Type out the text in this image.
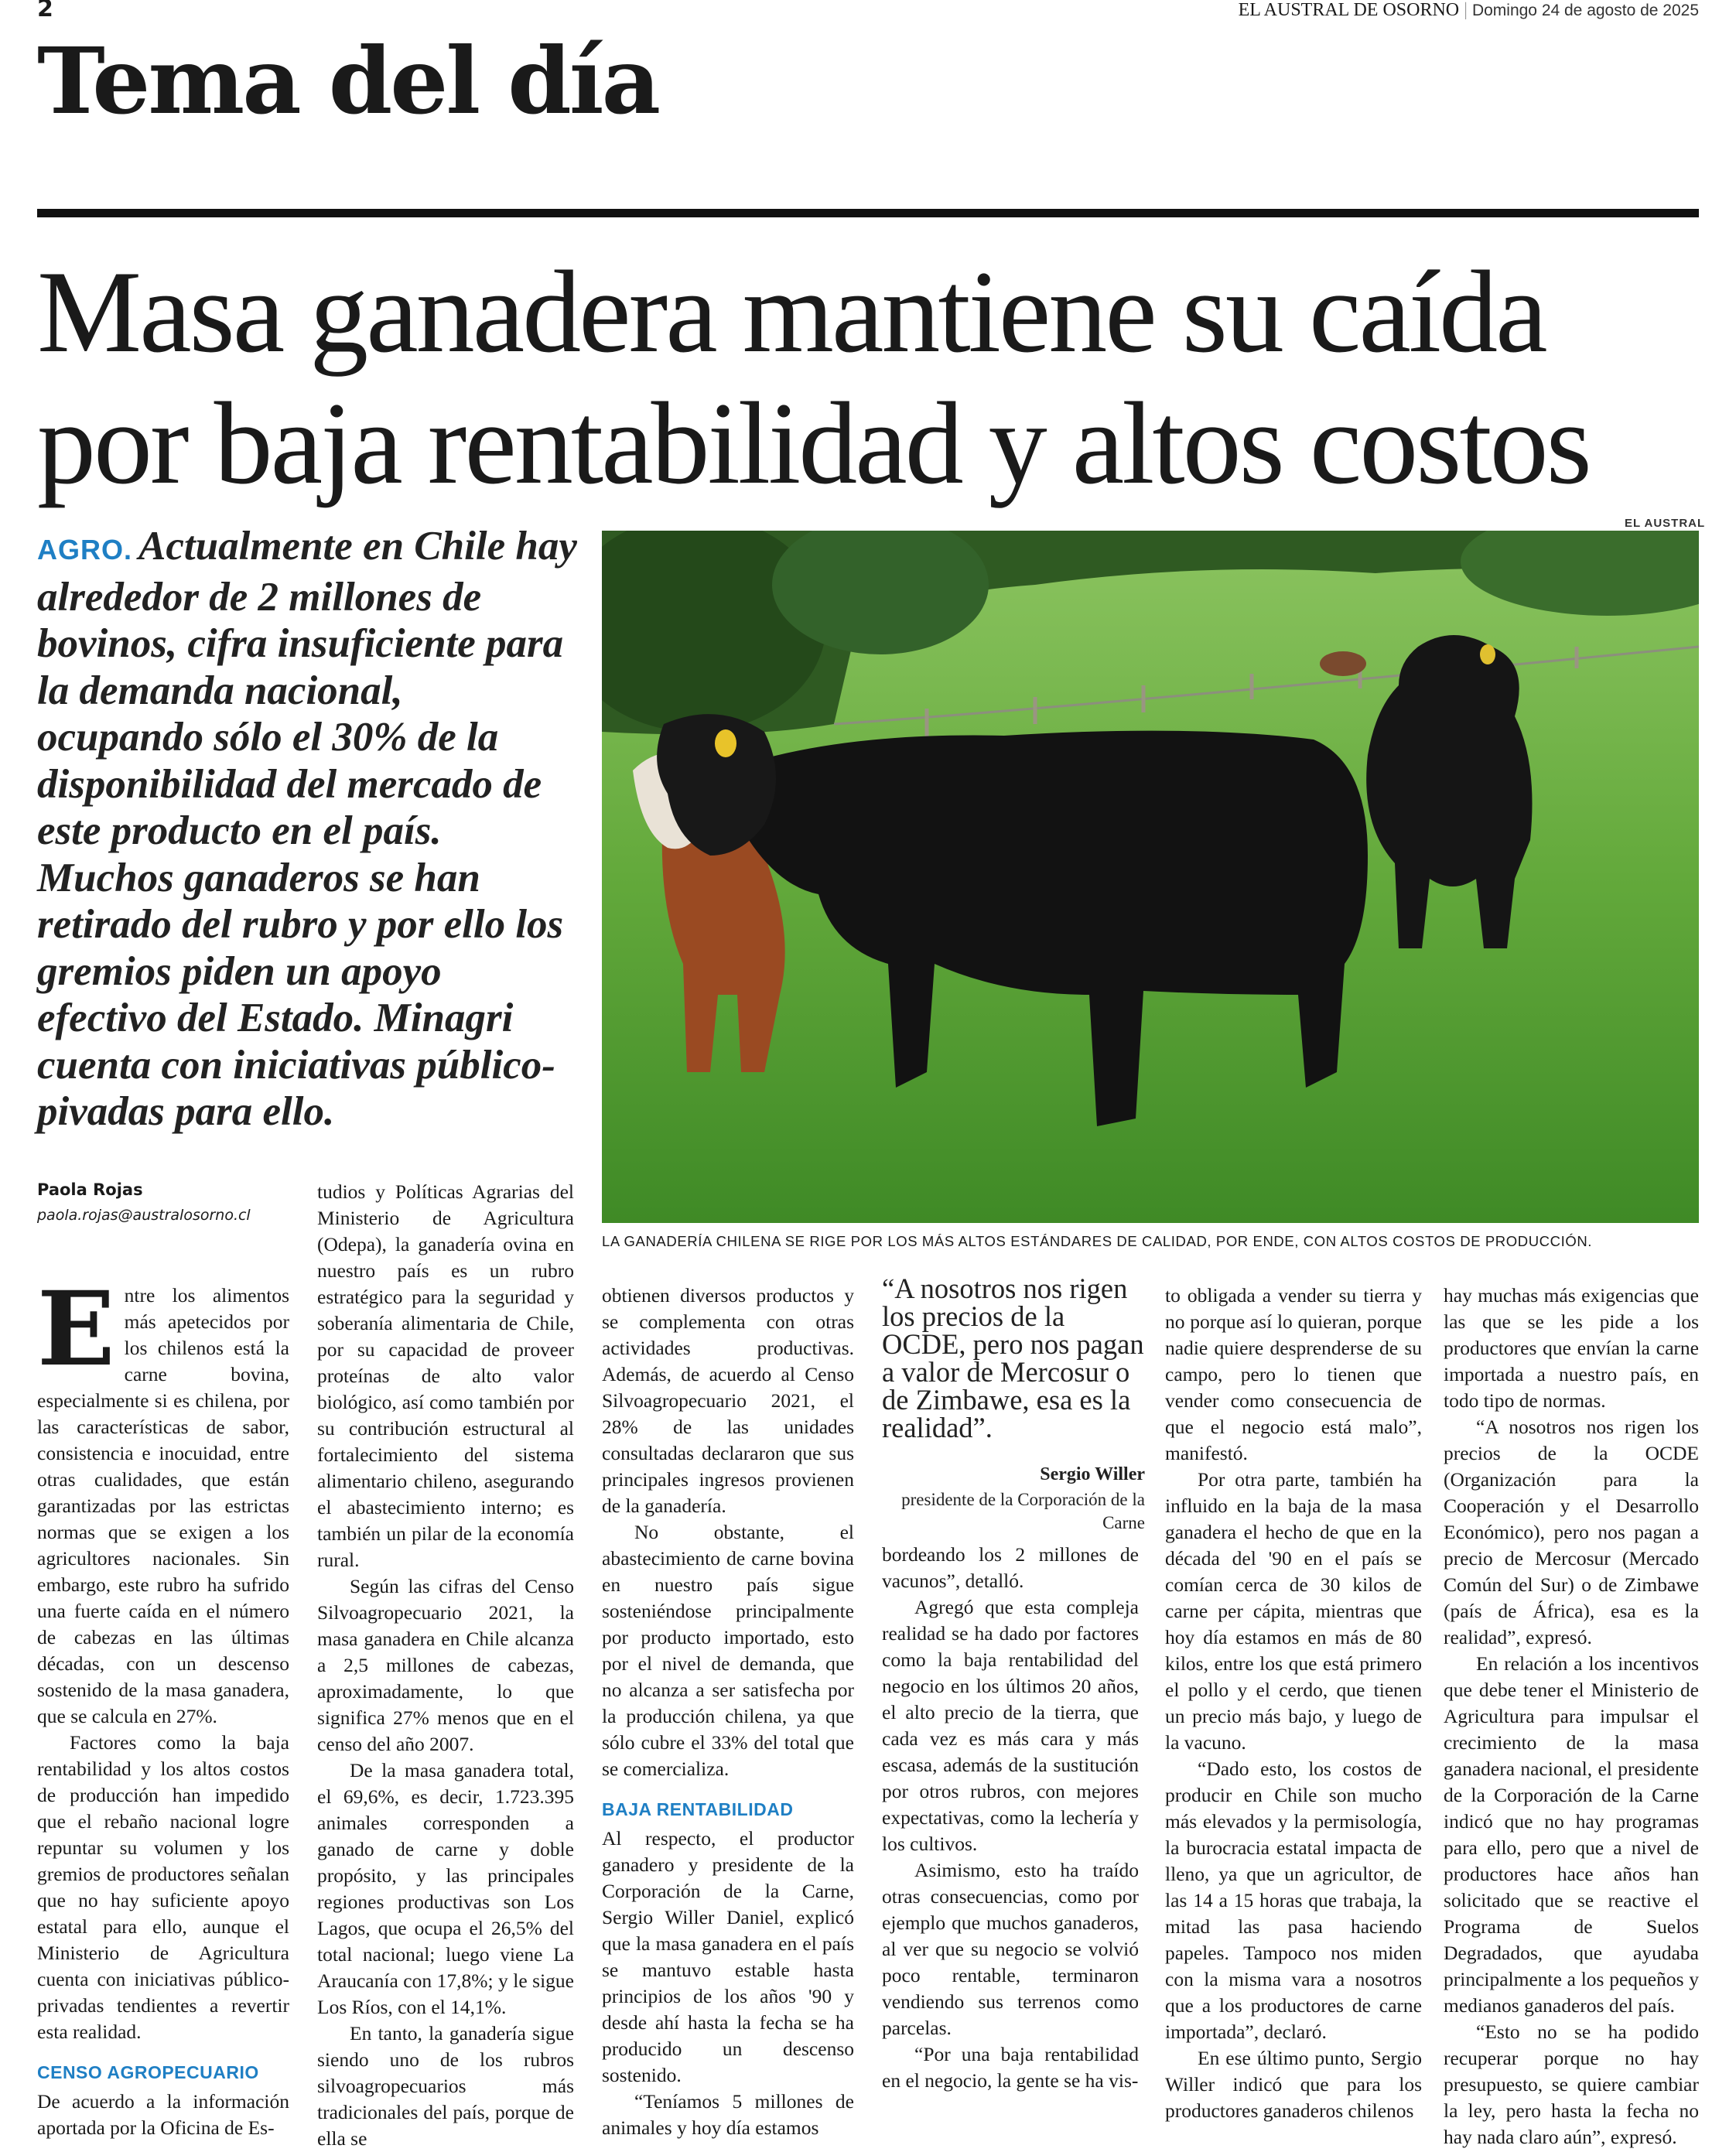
2	EL AUSTRAL DE OSORNO | Domingo 24 de agosto de 2025
Tema del día
Masa ganadera mantiene su caída
por baja rentabilidad y altos costos
AGRO. Actualmente en Chile hay alrededor de 2 millones de bovinos, cifra insuficiente para la demanda nacional, ocupando sólo el 30% de la disponibilidad del mercado de este producto en el país. Muchos ganaderos se han retirado del rubro y por ello los gremios piden un apoyo efectivo del Estado. Minagri cuenta con iniciativas público-pivadas para ello.
EL AUSTRAL
LA GANADERÍA CHILENA SE RIGE POR LOS MÁS ALTOS ESTÁNDARES DE CALIDAD, POR ENDE, CON ALTOS COSTOS DE PRODUCCIÓN.
Paola Rojas
paola.rojas@australosorno.cl

Entre los alimentos más apetecidos por los chilenos está la carne bovina, especialmente si es chilena, por las características de sabor, consistencia e inocuidad, entre otras cualidades, que están garantizadas por las estrictas normas que se exigen a los agricultores nacionales. Sin embargo, este rubro ha sufrido una fuerte caída en el número de cabezas en las últimas décadas, con un descenso sostenido de la masa ganadera, que se calcula en 27%.

Factores como la baja rentabilidad y los altos costos de producción han impedido que el rebaño nacional logre repuntar su volumen y los gremios de productores señalan que no hay suficiente apoyo estatal para ello, aunque el Ministerio de Agricultura cuenta con iniciativas público-privadas tendientes a revertir esta realidad.

CENSO AGROPECUARIO

De acuerdo a la información aportada por la Oficina de Es-

tudios y Políticas Agrarias del Ministerio de Agricultura (Odepa), la ganadería ovina en nuestro país es un rubro estratégico para la seguridad y soberanía alimentaria de Chile, por su capacidad de proveer proteínas de alto valor biológico, así como también por su contribución estructural al fortalecimiento del sistema alimentario chileno, asegurando el abastecimiento interno; es también un pilar de la economía rural.

Según las cifras del Censo Silvoagropecuario 2021, la masa ganadera en Chile alcanza a 2,5 millones de cabezas, aproximadamente, lo que significa 27% menos que en el censo del año 2007.

De la masa ganadera total, el 69,6%, es decir, 1.723.395 animales corresponden a ganado de carne y doble propósito, y las principales regiones productivas son Los Lagos, que ocupa el 26,5% del total nacional; luego viene La Araucanía con 17,8%; y le sigue Los Ríos, con el 14,1%.

En tanto, la ganadería sigue siendo uno de los rubros silvoagropecuarios más tradicionales del país, porque de ella se

obtienen diversos productos y se complementa con otras actividades productivas. Además, de acuerdo al Censo Silvoagropecuario 2021, el 28% de las unidades consultadas declararon que sus principales ingresos provienen de la ganadería.

No obstante, el abastecimiento de carne bovina en nuestro país sigue sosteniéndose principalmente por producto importado, esto por el nivel de demanda, que no alcanza a ser satisfecha por la producción chilena, ya que sólo cubre el 33% del total que se comercializa.

BAJA RENTABILIDAD

Al respecto, el productor ganadero y presidente de la Corporación de la Carne, Sergio Willer Daniel, explicó que la masa ganadera en el país se mantuvo estable hasta principios de los años '90 y desde ahí hasta la fecha se ha producido un descenso sostenido.

“Teníamos 5 millones de animales y hoy día estamos

“A nosotros nos rigen los precios de la OCDE, pero nos pagan a valor de Mercosur o de Zimbawe, esa es la realidad”.
Sergio Willer
presidente de la Corporación de la Carne

bordeando los 2 millones de vacunos”, detalló.

Agregó que esta compleja realidad se ha dado por factores como la baja rentabilidad del negocio en los últimos 20 años, el alto precio de la tierra, que cada vez es más cara y más escasa, además de la sustitución por otros rubros, con mejores expectativas, como la lechería y los cultivos.

Asimismo, esto ha traído otras consecuencias, como por ejemplo que muchos ganaderos, al ver que su negocio se volvió poco rentable, terminaron vendiendo sus terrenos como parcelas.

“Por una baja rentabilidad en el negocio, la gente se ha vis-

to obligada a vender su tierra y no porque así lo quieran, porque nadie quiere desprenderse de su campo, pero lo tienen que vender como consecuencia de que el negocio está malo”, manifestó.

Por otra parte, también ha influido en la baja de la masa ganadera el hecho de que en la década del '90 en el país se comían cerca de 30 kilos de carne per cápita, mientras que hoy día estamos en más de 80 kilos, entre los que está primero el pollo y el cerdo, que tienen un precio más bajo, y luego de la vacuno.

“Dado esto, los costos de producir en Chile son mucho más elevados y la permisología, la burocracia estatal impacta de lleno, ya que un agricultor, de las 14 a 15 horas que trabaja, la mitad las pasa haciendo papeles. Tampoco nos miden con la misma vara a nosotros que a los productores de carne importada”, declaró.

En ese último punto, Sergio Willer indicó que para los productores ganaderos chilenos

hay muchas más exigencias que las que se les pide a los productores que envían la carne importada a nuestro país, en todo tipo de normas.

“A nosotros nos rigen los precios de la OCDE (Organización para la Cooperación y el Desarrollo Económico), pero nos pagan a precio de Mercosur (Mercado Común del Sur) o de Zimbawe (país de África), esa es la realidad”, expresó.

En relación a los incentivos que debe tener el Ministerio de Agricultura para impulsar el crecimiento de la masa ganadera nacional, el presidente de la Corporación de la Carne indicó que no hay programas para ello, pero que a nivel de productores hace años han solicitado que se reactive el Programa de Suelos Degradados, que ayudaba principalmente a los pequeños y medianos ganaderos del país.

“Esto no se ha podido recuperar porque no hay presupuesto, se quiere cambiar la ley, pero hasta la fecha no hay nada claro aún”, expresó.
